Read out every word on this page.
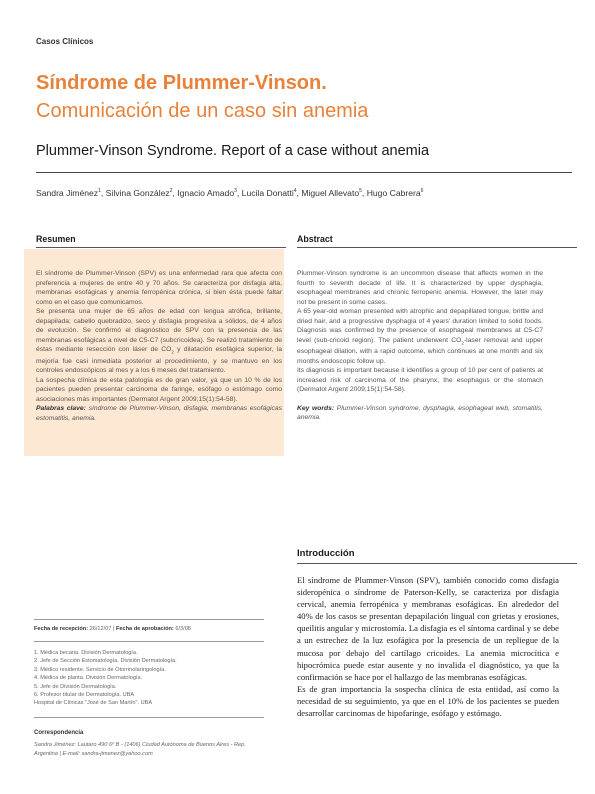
Casos Clínicos
Síndrome de Plummer-Vinson.
Comunicación de un caso sin anemia
Plummer-Vinson Syndrome. Report of a case without anemia
Sandra Jiménez$^1$, Silvina González$^2$, Ignacio Amado$^3$, Lucila Donatti$^4$, Miguel Allevato$^5$, Hugo Cabrera$^6$
Resumen

El síndrome de Plummer-Vinson (SPV) es una enfermedad rara que afecta con preferencia a mujeres de entre 40 y 70 años. Se caracteriza por disfagia alta, membranas esofágicas y anemia ferropénica crónica, si bien ésta puede faltar como en el caso que comunicamos.

Se presenta una mujer de 65 años de edad con lengua atrófica, brillante, depapilada; cabello quebradizo, seco y disfagia progresiva a sólidos, de 4 años de evolución. Se confirmó el diagnóstico de SPV con la presencia de las membranas esofágicas a nivel de C5-C7 (subcricoidea). Se realizó tratamiento de éstas mediante resección con láser de $CO_2$ y dilatación esofágica superior, la mejoría fue casi inmediata posterior al procedimiento, y se mantuvo en los controles endoscópicos al mes y a los 6 meses del tratamiento.

La sospecha clínica de esta patología es de gran valor, ya que un 10 % de los pacientes pueden presentar carcinoma de faringe, esófago o estómago como asociaciones más importantes (Dermatol Argent 2009;15(1):54-58).

Palabras clave: síndrome de Plummer-Vinson, disfagia, membranas esofágicas estomatitis, anemia.

Abstract

Plummer-Vinson syndrome is an uncommon disease that affects women in the fourth to seventh decade of life. It is characterized by upper dysphagia, esophageal membranes and chronic ferropenic anemia. However, the later may not be present in some cases.

A 65 year-old woman presented with atrophic and depapillated tongue, brittle and dried hair, and a progressive dysphagia of 4 years' duration limited to solid foods. Diagnosis was confirmed by the presence of esophageal membranes at C5-C7 level (sub-cricoid region). The patient underwent $CO_2$-laser removal and upper esophageal dilation, with a rapid outcome, which continues at one month and six months endoscopic follow up.

Its diagnosis is important because it identifies a group of 10 per cent of patients at increased risk of carcinoma of the pharynx, the esophagus or the stomach (Dermatol Argent 2009;15(1):54-58).

Key words: Plummer-Vinson syndrome, dysphagia, esophageal web, stomatitis, anemia.

Fecha de recepción: 26/12/07 | Fecha de aprobación: 6/3/08
1. Médica becaria. División Dermatología.
2. Jefe de Sección Estomatología. División Dermatología.
3. Médico residente. Servicio de Otorrinolaringología.
4. Médica de planta. División Dermatología.
5. Jefe de División Dermatología.
6. Profesor titular de Dermatología. UBA
Hospital de Clínicas "José de San Martín". UBA
Correspondencia
Sandra Jiménez: Lautaro 490 6º B - (1406) Ciudad Autónoma de Buenos Aires - Rep. Argentina | E-mail: sandra-jimenez@yahoo.com
Introducción

El síndrome de Plummer-Vinson (SPV), también conocido como disfagia sideropénica o síndrome de Paterson-Kelly, se caracteriza por disfagia cervical, anemia ferropénica y membranas esofágicas. En alrededor del 40% de los casos se presentan depapilación lingual con grietas y erosiones, queilitis angular y microstomía. La disfagia es el síntoma cardinal y se debe a un estrechez de la luz esofágica por la presencia de un repliegue de la mucosa por debajo del cartílago cricoides. La anemia microcítica e hipocrómica puede estar ausente y no invalida el diagnóstico, ya que la confirmación se hace por el hallazgo de las membranas esofágicas.

Es de gran importancia la sospecha clínica de esta entidad, así como la necesidad de su seguimiento, ya que en el 10% de los pacientes se pueden desarrollar carcinomas de hipofaringe, esófago y estómago.
